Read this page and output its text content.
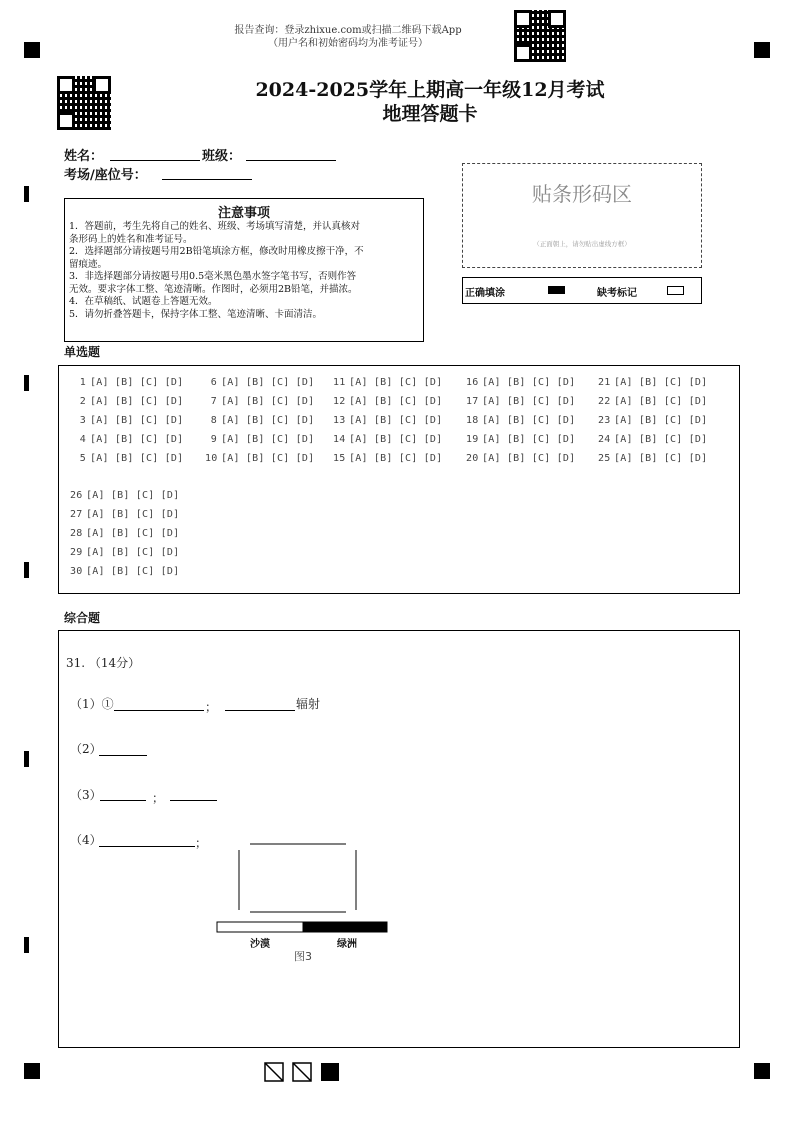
报告查询：登录zhixue.com或扫描二维码下载App
（用户名和初始密码均为准考证号）
2024-2025学年上期高一年级12月考试
地理答题卡
姓名：	班级：
考场/座位号：
注意事项
1．答题前，考生先将自己的姓名、班级、考场填写清楚，并认真核对
条形码上的姓名和准考证号。
2．选择题部分请按题号用2B铅笔填涂方框，修改时用橡皮擦干净，不
留痕迹。
3．非选择题部分请按题号用0.5毫米黑色墨水签字笔书写，否则作答
无效。要求字体工整、笔迹清晰。作图时，必须用2B铅笔，并描浓。
4．在草稿纸、试题卷上答题无效。
5．请勿折叠答题卡，保持字体工整、笔迹清晰、卡面清洁。
贴条形码区
（正面朝上，请勿贴出虚线方框）
正确填涂	缺考标记
单选题
1 [A] [B] [C] [D]
2 [A] [B] [C] [D]
3 [A] [B] [C] [D]
4 [A] [B] [C] [D]
5 [A] [B] [C] [D]
6 [A] [B] [C] [D]
7 [A] [B] [C] [D]
8 [A] [B] [C] [D]
9 [A] [B] [C] [D]
10 [A] [B] [C] [D]
11 [A] [B] [C] [D]
12 [A] [B] [C] [D]
13 [A] [B] [C] [D]
14 [A] [B] [C] [D]
15 [A] [B] [C] [D]
16 [A] [B] [C] [D]
17 [A] [B] [C] [D]
18 [A] [B] [C] [D]
19 [A] [B] [C] [D]
20 [A] [B] [C] [D]
21 [A] [B] [C] [D]
22 [A] [B] [C] [D]
23 [A] [B] [C] [D]
24 [A] [B] [C] [D]
25 [A] [B] [C] [D]
26 [A] [B] [C] [D]
27 [A] [B] [C] [D]
28 [A] [B] [C] [D]
29 [A] [B] [C] [D]
30 [A] [B] [C] [D]
综合题
31. （14分）
（1）①	；	辐射
（2）
（3）	；
（4）	；
沙漠	绿洲
图3
